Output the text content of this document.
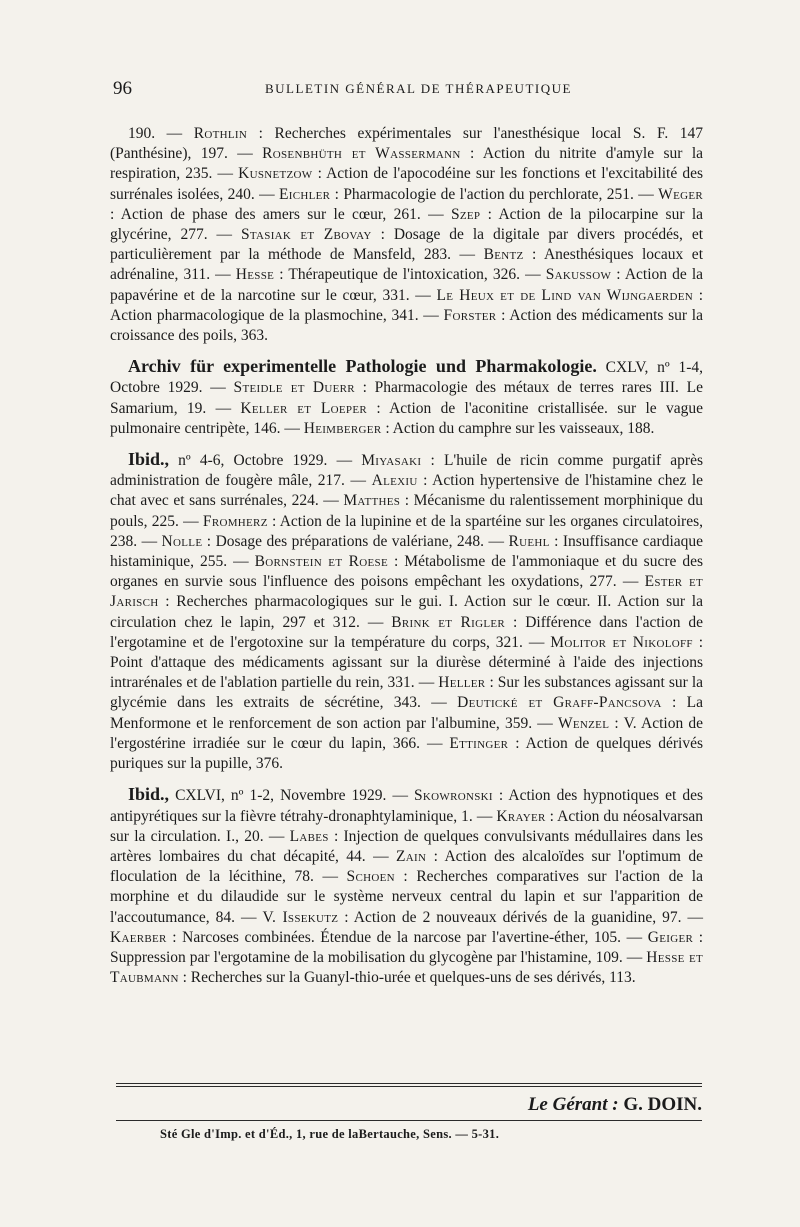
96	BULLETIN GÉNÉRAL DE THÉRAPEUTIQUE

190. — Rothlin : Recherches expérimentales sur l'anesthésique local S. F. 147 (Panthésine), 197. — Rosenbhüth et Wassermann : Action du nitrite d'amyle sur la respiration, 235. — Kusnetzow : Action de l'apocodéine sur les fonctions et l'excitabilité des surrénales isolées, 240. — Eichler : Pharmacologie de l'action du perchlorate, 251. — Weger : Action de phase des amers sur le cœur, 261. — Szep : Action de la pilocarpine sur la glycérine, 277. — Stasiak et Zbovay : Dosage de la digitale par divers procédés, et particulièrement par la méthode de Mansfeld, 283. — Bentz : Anesthésiques locaux et adrénaline, 311. — Hesse : Thérapeutique de l'intoxication, 326. — Sakussow : Action de la papavérine et de la narcotine sur le cœur, 331. — Le Heux et de Lind van Wijngaerden : Action pharmacologique de la plasmochine, 341. — Forster : Action des médicaments sur la croissance des poils, 363.

Archiv für experimentelle Pathologie und Pharmakologie. CXLV, nº 1-4, Octobre 1929. — Steidle et Duerr : Pharmacologie des métaux de terres rares III. Le Samarium, 19. — Keller et Loeper : Action de l'aconitine cristallisée. sur le vague pulmonaire centripète, 146. — Heimberger : Action du camphre sur les vaisseaux, 188.

Ibid., nº 4-6, Octobre 1929. — Miyasaki : L'huile de ricin comme purgatif après administration de fougère mâle, 217. — Alexiu : Action hypertensive de l'histamine chez le chat avec et sans surrénales, 224. — Matthes : Mécanisme du ralentissement morphinique du pouls, 225. — Fromherz : Action de la lupinine et de la spartéine sur les organes circulatoires, 238. — Nolle : Dosage des préparations de valériane, 248. — Ruehl : Insuffisance cardiaque histaminique, 255. — Bornstein et Roese : Métabolisme de l'ammoniaque et du sucre des organes en survie sous l'influence des poisons empêchant les oxydations, 277. — Ester et Jarisch : Recherches pharmacologiques sur le gui. I. Action sur le cœur. II. Action sur la circulation chez le lapin, 297 et 312. — Brink et Rigler : Différence dans l'action de l'ergotamine et de l'ergotoxine sur la température du corps, 321. — Molitor et Nikoloff : Point d'attaque des médicaments agissant sur la diurèse déterminé à l'aide des injections intrarénales et de l'ablation partielle du rein, 331. — Heller : Sur les substances agissant sur la glycémie dans les extraits de sécrétine, 343. — Deutické et Graff-Pancsova : La Menformone et le renforcement de son action par l'albumine, 359. — Wenzel : V. Action de l'ergostérine irradiée sur le cœur du lapin, 366. — Ettinger : Action de quelques dérivés puriques sur la pupille, 376.

Ibid., CXLVI, nº 1-2, Novembre 1929. — Skowronski : Action des hypnotiques et des antipyrétiques sur la fièvre tétrahy-dronaphtylaminique, 1. — Krayer : Action du néosalvarsan sur la circulation. I., 20. — Labes : Injection de quelques convulsivants médullaires dans les artères lombaires du chat décapité, 44. — Zain : Action des alcaloïdes sur l'optimum de floculation de la lécithine, 78. — Schoen : Recherches comparatives sur l'action de la morphine et du dilaudide sur le système nerveux central du lapin et sur l'apparition de l'accoutumance, 84. — V. Issekutz : Action de 2 nouveaux dérivés de la guanidine, 97. — Kaerber : Narcoses combinées. Étendue de la narcose par l'avertine-éther, 105. — Geiger : Suppression par l'ergotamine de la mobilisation du glycogène par l'histamine, 109. — Hesse et Taubmann : Recherches sur la Guanyl-thio-urée et quelques-uns de ses dérivés, 113.

Le Gérant : G. DOIN.
Sté Gle d'Imp. et d'Éd., 1, rue de laBertauche, Sens. — 5-31.
